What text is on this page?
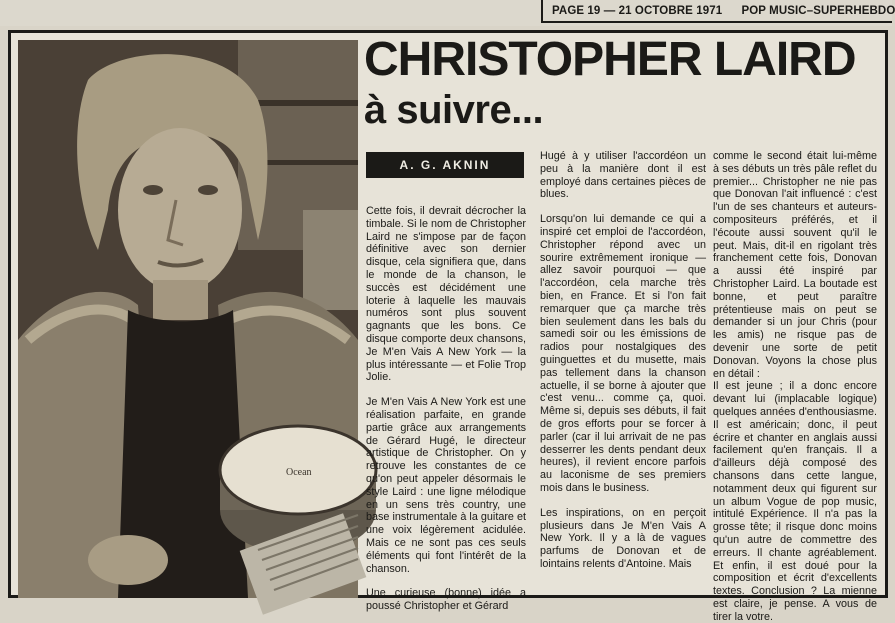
PAGE 19 — 21 OCTOBRE 1971 POP MUSIC–SUPERHEBDO
Ocean
CHRISTOPHER LAIRD
à suivre...
A. G. AKNIN

Cette fois, il devrait décrocher la timbale. Si le nom de Christopher Laird ne s'impose par de façon définitive avec son dernier disque, cela signifiera que, dans le monde de la chanson, le succès est décidément une loterie à laquelle les mauvais numéros sont plus souvent gagnants que les bons. Ce disque comporte deux chansons, Je M'en Vais A New York — la plus intéressante — et Folie Trop Jolie.

Je M'en Vais A New York est une réalisation parfaite, en grande partie grâce aux arrangements de Gérard Hugé, le directeur artistique de Christopher. On y retrouve les constantes de ce qu'on peut appeler désormais le style Laird : une ligne mélodique en un sens très country, une base instrumentale à la guitare et une voix légèrement acidulée. Mais ce ne sont pas ces seuls éléments qui font l'intérêt de la chanson.

Une curieuse (bonne) idée a poussé Christopher et Gérard

Hugé à y utiliser l'accordéon un peu à la manière dont il est employé dans certaines pièces de blues.

Lorsqu'on lui demande ce qui a inspiré cet emploi de l'accordéon, Christopher répond avec un sourire extrêmement ironique — allez savoir pourquoi — que l'accordéon, cela marche très bien, en France. Et si l'on fait remarquer que ça marche très bien seulement dans les bals du samedi soir ou les émissions de radios pour nostalgiques des guinguettes et du musette, mais pas tellement dans la chanson actuelle, il se borne à ajouter que c'est venu... comme ça, quoi. Même si, depuis ses débuts, il fait de gros efforts pour se forcer à parler (car il lui arrivait de ne pas desserrer les dents pendant deux heures), il revient encore parfois au laconisme de ses premiers mois dans le business.

Les inspirations, on en perçoit plusieurs dans Je M'en Vais A New York. Il y a là de vagues parfums de Donovan et de lointains relents d'Antoine. Mais

comme le second était lui-même à ses débuts un très pâle reflet du premier... Christopher ne nie pas que Donovan l'ait influencé : c'est l'un de ses chanteurs et auteurs-compositeurs préférés, et il l'écoute aussi souvent qu'il le peut. Mais, dit-il en rigolant très franchement cette fois, Donovan a aussi été inspiré par Christopher Laird. La boutade est bonne, et peut paraître prétentieuse mais on peut se demander si un jour Chris (pour les amis) ne risque pas de devenir une sorte de petit Donovan. Voyons la chose plus en détail :

Il est jeune ; il a donc encore devant lui (implacable logique) quelques années d'enthousiasme. Il est américain; donc, il peut écrire et chanter en anglais aussi facilement qu'en français. Il a d'ailleurs déjà composé des chansons dans cette langue, notamment deux qui figurent sur un album Vogue de pop music, intitulé Expérience. Il n'a pas la grosse tête; il risque donc moins qu'un autre de commettre des erreurs. Il chante agréablement. Et enfin, il est doué pour la composition et écrit d'excellents textes. Conclusion ? La mienne est claire, je pense. A vous de tirer la votre.
